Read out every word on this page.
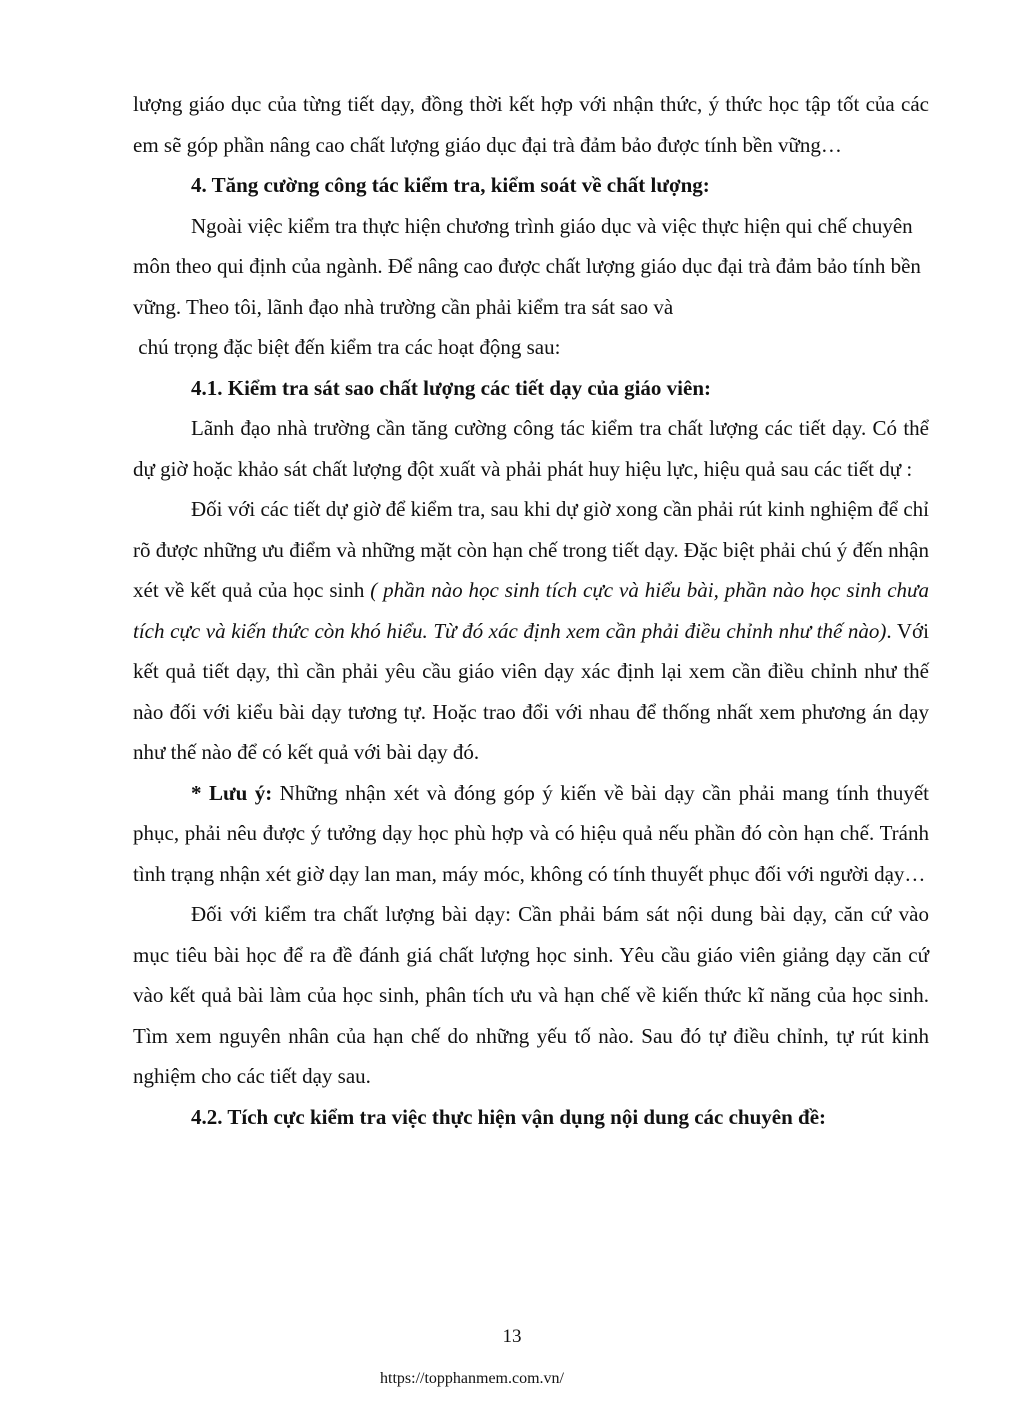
lượng giáo dục của từng tiết dạy, đồng thời kết hợp với nhận thức, ý thức học tập tốt của các em sẽ góp phần nâng cao chất lượng giáo dục đại trà đảm bảo được tính bền vững…

4. Tăng cường công tác kiểm tra, kiểm soát về chất lượng:

Ngoài việc kiểm tra thực hiện chương trình giáo dục và việc thực hiện qui chế chuyên môn theo qui định của ngành. Để nâng cao được chất lượng giáo dục đại trà đảm bảo tính bền vững. Theo tôi, lãnh đạo nhà trường cần phải kiểm tra sát sao và
chú trọng đặc biệt đến kiểm tra các hoạt động sau:

4.1. Kiểm tra sát sao chất lượng các tiết dạy của giáo viên:

Lãnh đạo nhà trường cần tăng cường công tác kiểm tra chất lượng các tiết dạy. Có thể dự giờ hoặc khảo sát chất lượng đột xuất và phải phát huy hiệu lực, hiệu quả sau các tiết dự :

Đối với các tiết dự giờ để kiểm tra, sau khi dự giờ xong cần phải rút kinh nghiệm để chỉ rõ được những ưu điểm và những mặt còn hạn chế trong tiết dạy. Đặc biệt phải chú ý đến nhận xét về kết quả của học sinh ( phần nào học sinh tích cực và hiểu bài, phần nào học sinh chưa tích cực và kiến thức còn khó hiểu. Từ đó xác định xem cần phải điều chỉnh như thế nào). Với kết quả tiết dạy, thì cần phải yêu cầu giáo viên dạy xác định lại xem cần điều chỉnh như thế nào đối với kiểu bài dạy tương tự. Hoặc trao đổi với nhau để thống nhất xem phương án dạy như thế nào để có kết quả với bài dạy đó.

* Lưu ý: Những nhận xét và đóng góp ý kiến về bài dạy cần phải mang tính thuyết phục, phải nêu được ý tưởng dạy học phù hợp và có hiệu quả nếu phần đó còn hạn chế. Tránh tình trạng nhận xét giờ dạy lan man, máy móc, không có tính thuyết phục đối với người dạy…

Đối với kiểm tra chất lượng bài dạy: Cần phải bám sát nội dung bài dạy, căn cứ vào mục tiêu bài học để ra đề đánh giá chất lượng học sinh. Yêu cầu giáo viên giảng dạy căn cứ vào kết quả bài làm của học sinh, phân tích ưu và hạn chế về kiến thức kĩ năng của học sinh. Tìm xem nguyên nhân của hạn chế do những yếu tố nào. Sau đó tự điều chỉnh, tự rút kinh nghiệm cho các tiết dạy sau.

4.2. Tích cực kiểm tra việc thực hiện vận dụng nội dung các chuyên đề:

13
https://topphanmem.com.vn/
